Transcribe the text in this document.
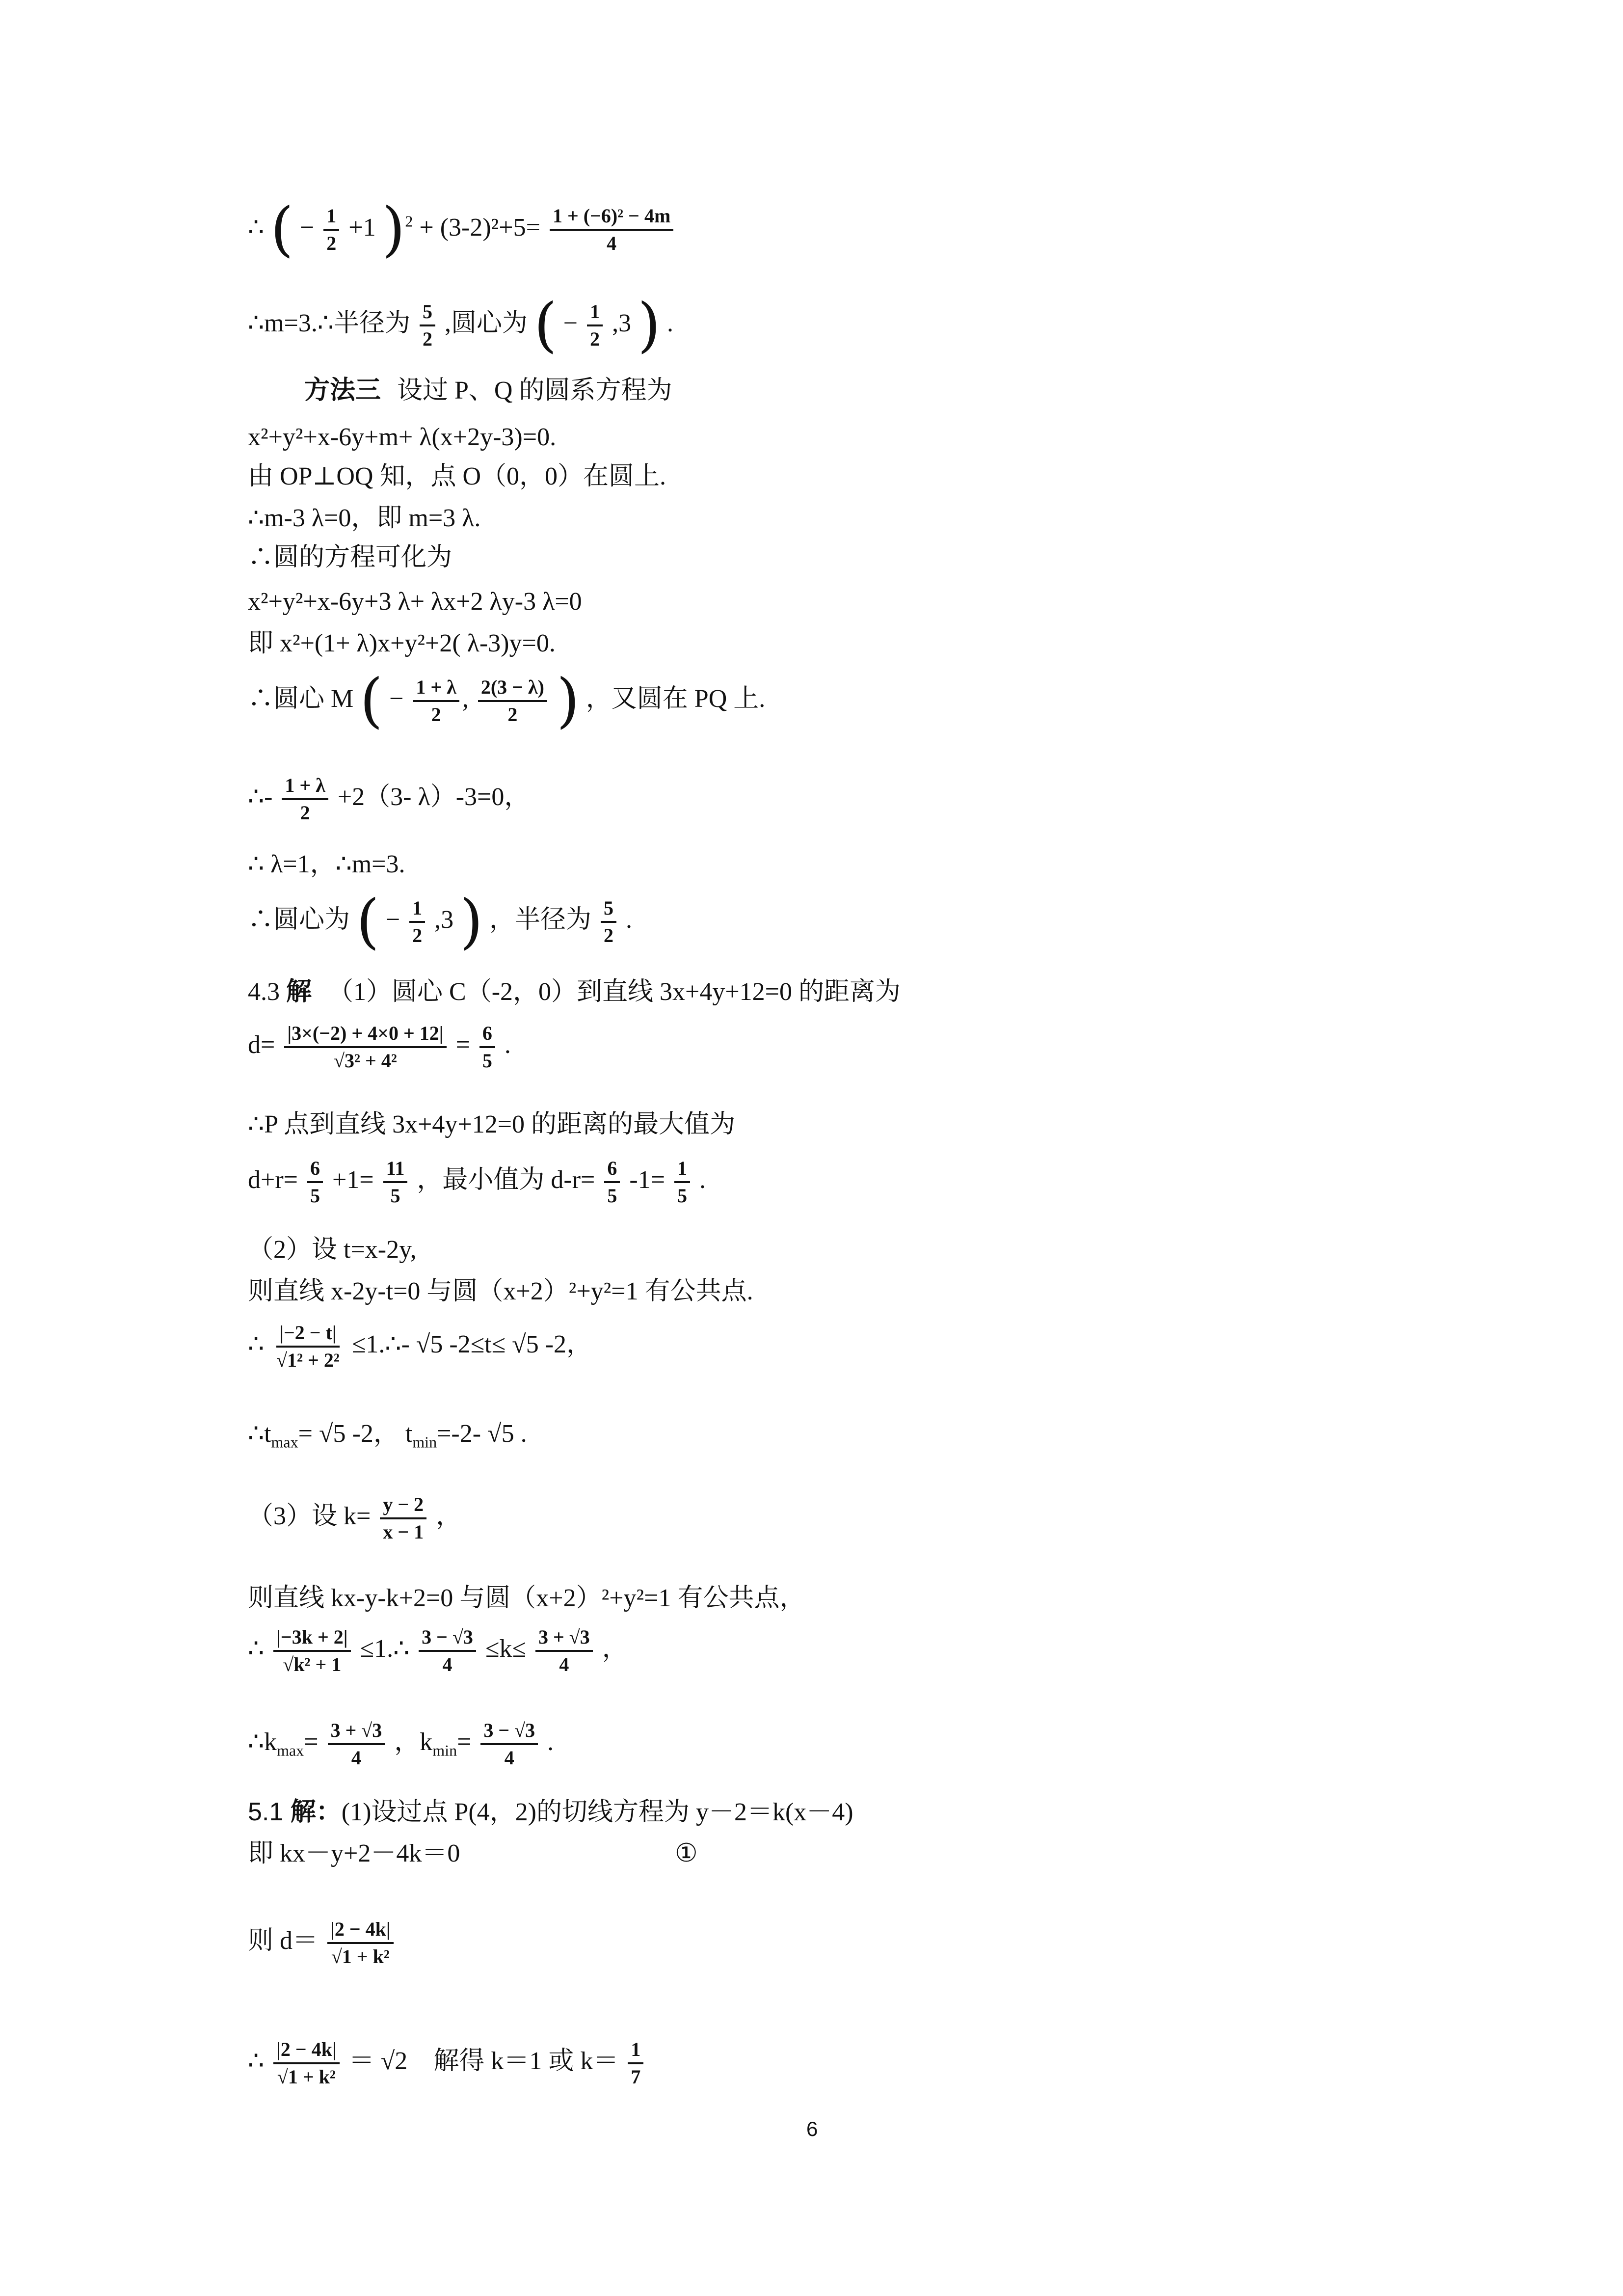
∴ ( − $\frac{1}{2} +1$ )$^2 + (3-2)^2+5= \frac{\text{1 + (−6)² − 4m}}{4}$
∴m=3.∴半径为 $\frac{5}{2}$ ,圆心为 ( − $\frac{1}{2} ,3$ ) .
方法三 设过 P、Q 的圆系方程为
x²+y²+x-6y+m+ λ(x+2y-3)=0.
由 OP⊥OQ 知，点 O（0，0）在圆上.
∴m-3 λ=0，即 m=3 λ.
∴圆的方程可化为
x²+y²+x-6y+3 λ+ λx+2 λy-3 λ=0
即 x²+(1+ λ)x+y²+2( λ-3)y=0.
∴圆心 M ( − $\frac{1 + \lambda}{2}$ , $\frac{2(3 - \lambda)}{2}$ ) ，又圆在 PQ 上.
∴- $\frac{1 + \lambda}{2} +2(3-$ λ）-3=0，
∴ λ=1，∴m=3.
∴圆心为 ( − $\frac{1}{2} ,3$ ) ，半径为 $\frac{5}{2}$ .
4.3 解 （1）圆心 C（-2，0）到直线 3x+4y+12=0 的距离为
$d= \frac{|3\times(-2) + 4\times 0 + 12|}{\text{√3² + 4²}} = \frac{6}{5}$ .
∴P 点到直线 3x+4y+12=0 的距离的最大值为
$d+r= \frac{6}{5} +1= \frac{11}{5}$ ，最小值为 $d-r= \frac{6}{5} -1= \frac{1}{5}$ .
（2）设 t=x-2y,
则直线 x-2y-t=0 与圆（x+2）²+y²=1 有公共点.
∴ $\frac{|-2 - t|}{\text{√1² + 2²}}$ ≤1.∴- √5 -2≤t≤ √5 -2，
$\therefore t_{max}= √5$ -2， $t_{min}=-2-$ √5 .
（3）设 $k= \frac{y - 2}{x - 1}$ ，
则直线 kx-y-k+2=0 与圆（x+2）²+y²=1 有公共点，
∴ $\frac{|-3k + 2|}{\text{√k² + 1}}$ ≤1.∴ $\frac{3 - √3}{4} \le k\le \frac{3 + √3}{4}$ ，
$\therefore k_{max}= \frac{3 + √3}{4}$ ，$k_{min}= \frac{3 - √3}{4}$ .
5.1 解：(1)设过点 P(4，2)的切线方程为 y－2＝k(x－4)
即 kx－y+2－4k＝0	①
则 $d= \frac{|2 - 4k|}{\text{√1 + k²}}$
∴ $\frac{|2 - 4k|}{\text{√1 + k²}} = √2$ 解得 k＝1 或 $k= \frac{1}{7}$
6
